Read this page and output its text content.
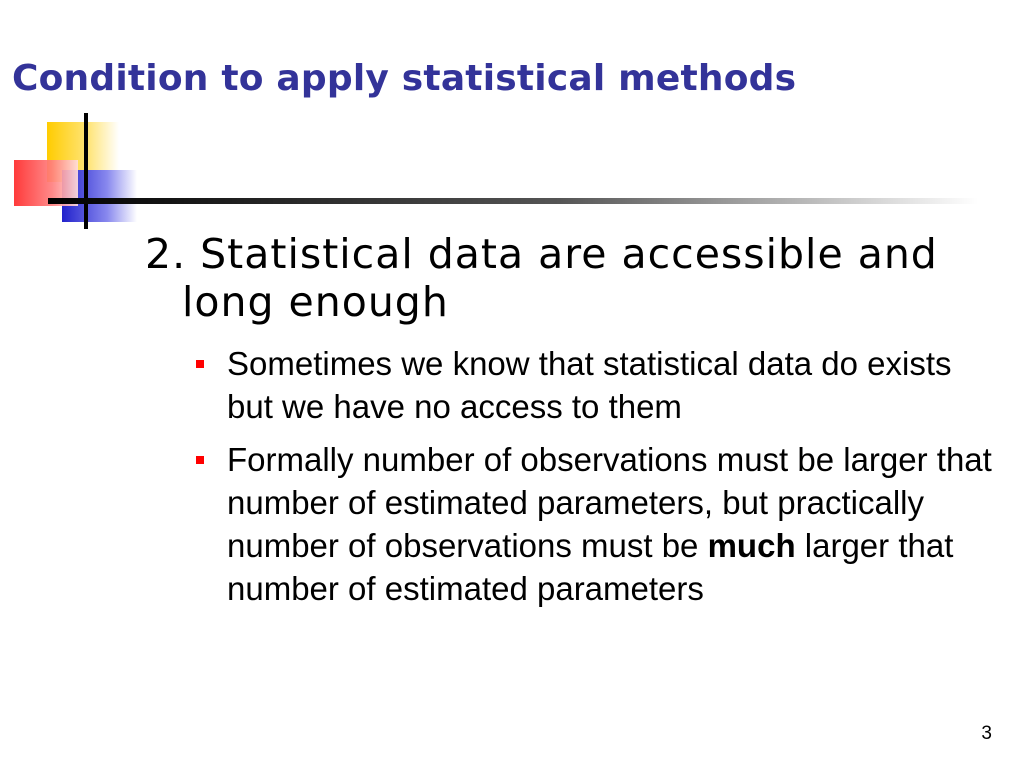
Condition to apply statistical methods
2. Statistical data are accessible and long enough
Sometimes we know that statistical data do exists but we have no access to them
Formally number of observations must be larger that number of estimated parameters, but practically number of observations must be much larger that number of estimated parameters
3
